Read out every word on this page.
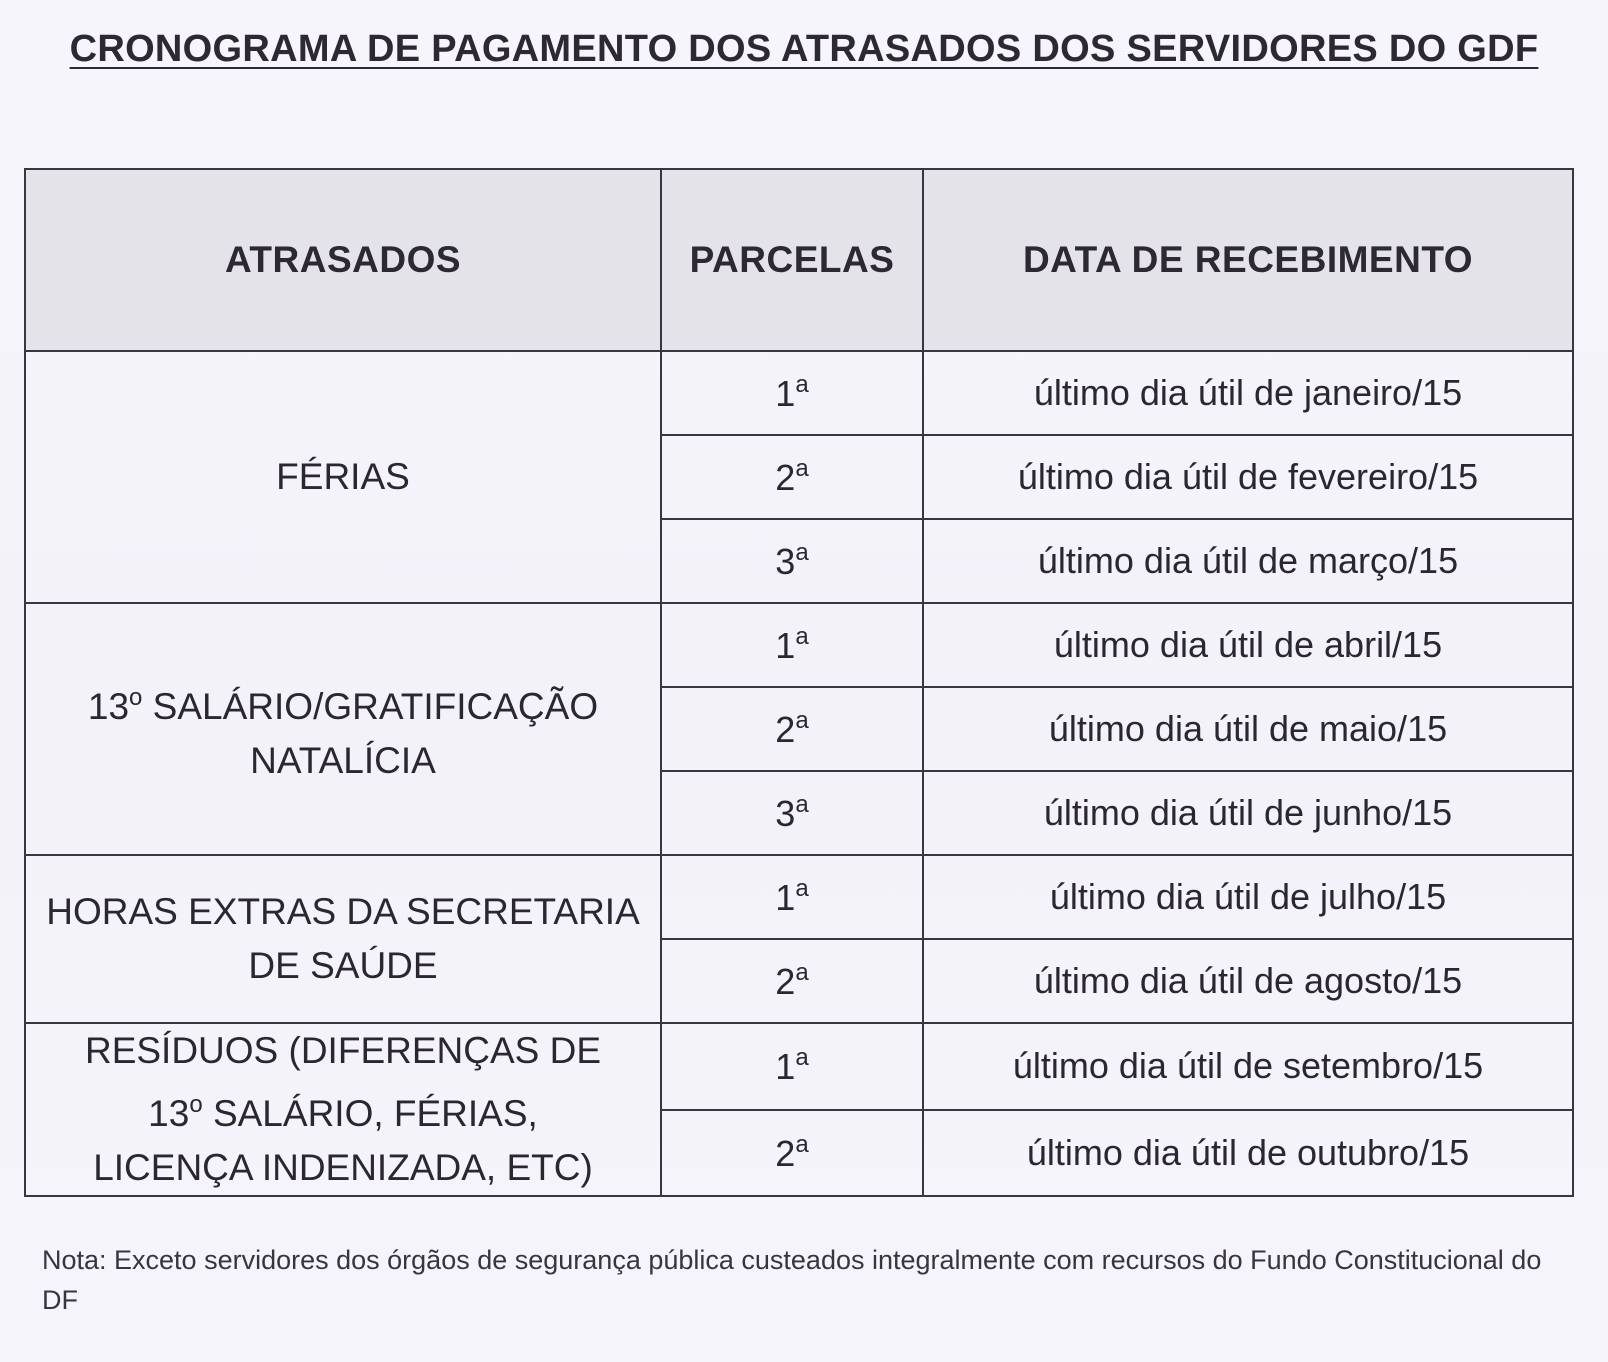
CRONOGRAMA DE PAGAMENTO DOS ATRASADOS DOS SERVIDORES DO GDF
ATRASADOS	PARCELAS	DATA DE RECEBIMENTO
FÉRIAS	1$^a$	último dia útil de janeiro/15
	2$^a$	último dia útil de fevereiro/15
	3$^a$	último dia útil de março/15
13$^o$ SALÁRIO/GRATIFICAÇÃO NATALÍCIA	1$^a$	último dia útil de abril/15
	2$^a$	último dia útil de maio/15
	3$^a$	último dia útil de junho/15
HORAS EXTRAS DA SECRETARIA DE SAÚDE	1$^a$	último dia útil de julho/15
	2$^a$	último dia útil de agosto/15

RESÍDUOS (DIFERENÇAS DE
13$^o$ SALÁRIO, FÉRIAS,
LICENÇA INDENIZADA, ETC)	1$^a$	último dia útil de setembro/15
	2$^a$	último dia útil de outubro/15
Nota: Exceto servidores dos órgãos de segurança pública custeados integralmente com recursos do Fundo Constitucional do DF
